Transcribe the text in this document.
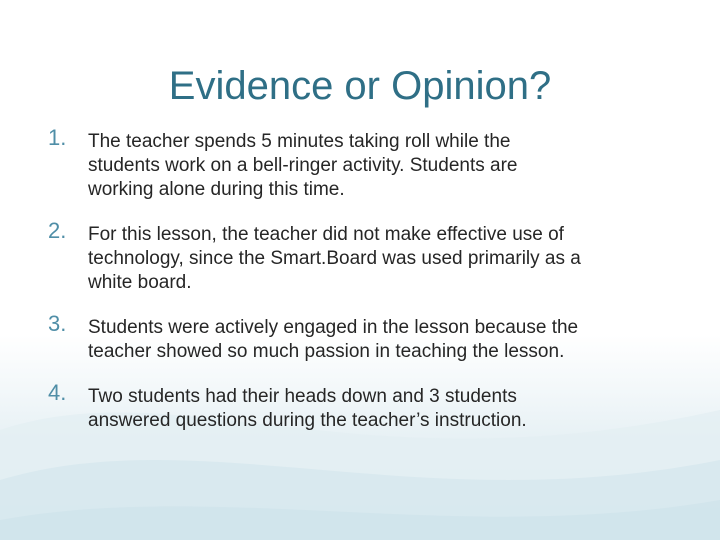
Evidence or Opinion?
1. The teacher spends 5 minutes taking roll while the
students work on a bell-ringer activity. Students are
working alone during this time.
2. For this lesson, the teacher did not make effective use of
technology, since the Smart.Board was used primarily as a
white board.
3. Students were actively engaged in the lesson because the
teacher showed so much passion in teaching the lesson.
4. Two students had their heads down and 3 students
answered questions during the teacher’s instruction.
